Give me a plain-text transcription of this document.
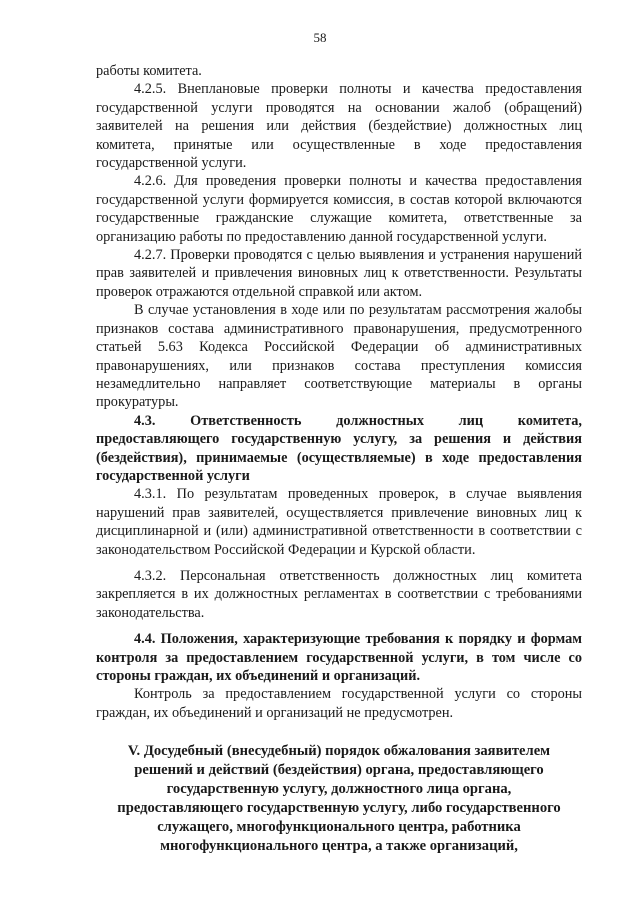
58

работы комитета.

4.2.5. Внеплановые проверки полноты и качества предоставления государственной услуги проводятся на основании жалоб (обращений) заявителей на решения или действия (бездействие) должностных лиц комитета, принятые или осуществленные в ходе предоставления государственной услуги.

4.2.6. Для проведения проверки полноты и качества предоставления государственной услуги формируется комиссия, в состав которой включаются государственные гражданские служащие комитета, ответственные за организацию работы по предоставлению данной государственной услуги.

4.2.7. Проверки проводятся с целью выявления и устранения нарушений прав заявителей и привлечения виновных лиц к ответственности. Результаты проверок отражаются отдельной справкой или актом.

В случае установления в ходе или по результатам рассмотрения жалобы признаков состава административного правонарушения, предусмотренного статьей 5.63 Кодекса Российской Федерации об административных правонарушениях, или признаков состава преступления комиссия незамедлительно направляет соответствующие материалы в органы прокуратуры.

4.3. Ответственность должностных лиц комитета, предоставляющего государственную услугу, за решения и действия (бездействия), принимаемые (осуществляемые) в ходе предоставления государственной услуги

4.3.1. По результатам проведенных проверок, в случае выявления нарушений прав заявителей, осуществляется привлечение виновных лиц к дисциплинарной и (или) административной ответственности в соответствии с законодательством Российской Федерации и Курской области.

4.3.2. Персональная ответственность должностных лиц комитета закрепляется в их должностных регламентах в соответствии с требованиями законодательства.

4.4. Положения, характеризующие требования к порядку и формам контроля за предоставлением государственной услуги, в том числе со стороны граждан, их объединений и организаций.

Контроль за предоставлением государственной услуги со стороны граждан, их объединений и организаций не предусмотрен.

V. Досудебный (внесудебный) порядок обжалования заявителем
решений и действий (бездействия) органа, предоставляющего
государственную услугу, должностного лица органа,
предоставляющего государственную услугу, либо государственного
служащего, многофункционального центра, работника
многофункционального центра, а также организаций,
